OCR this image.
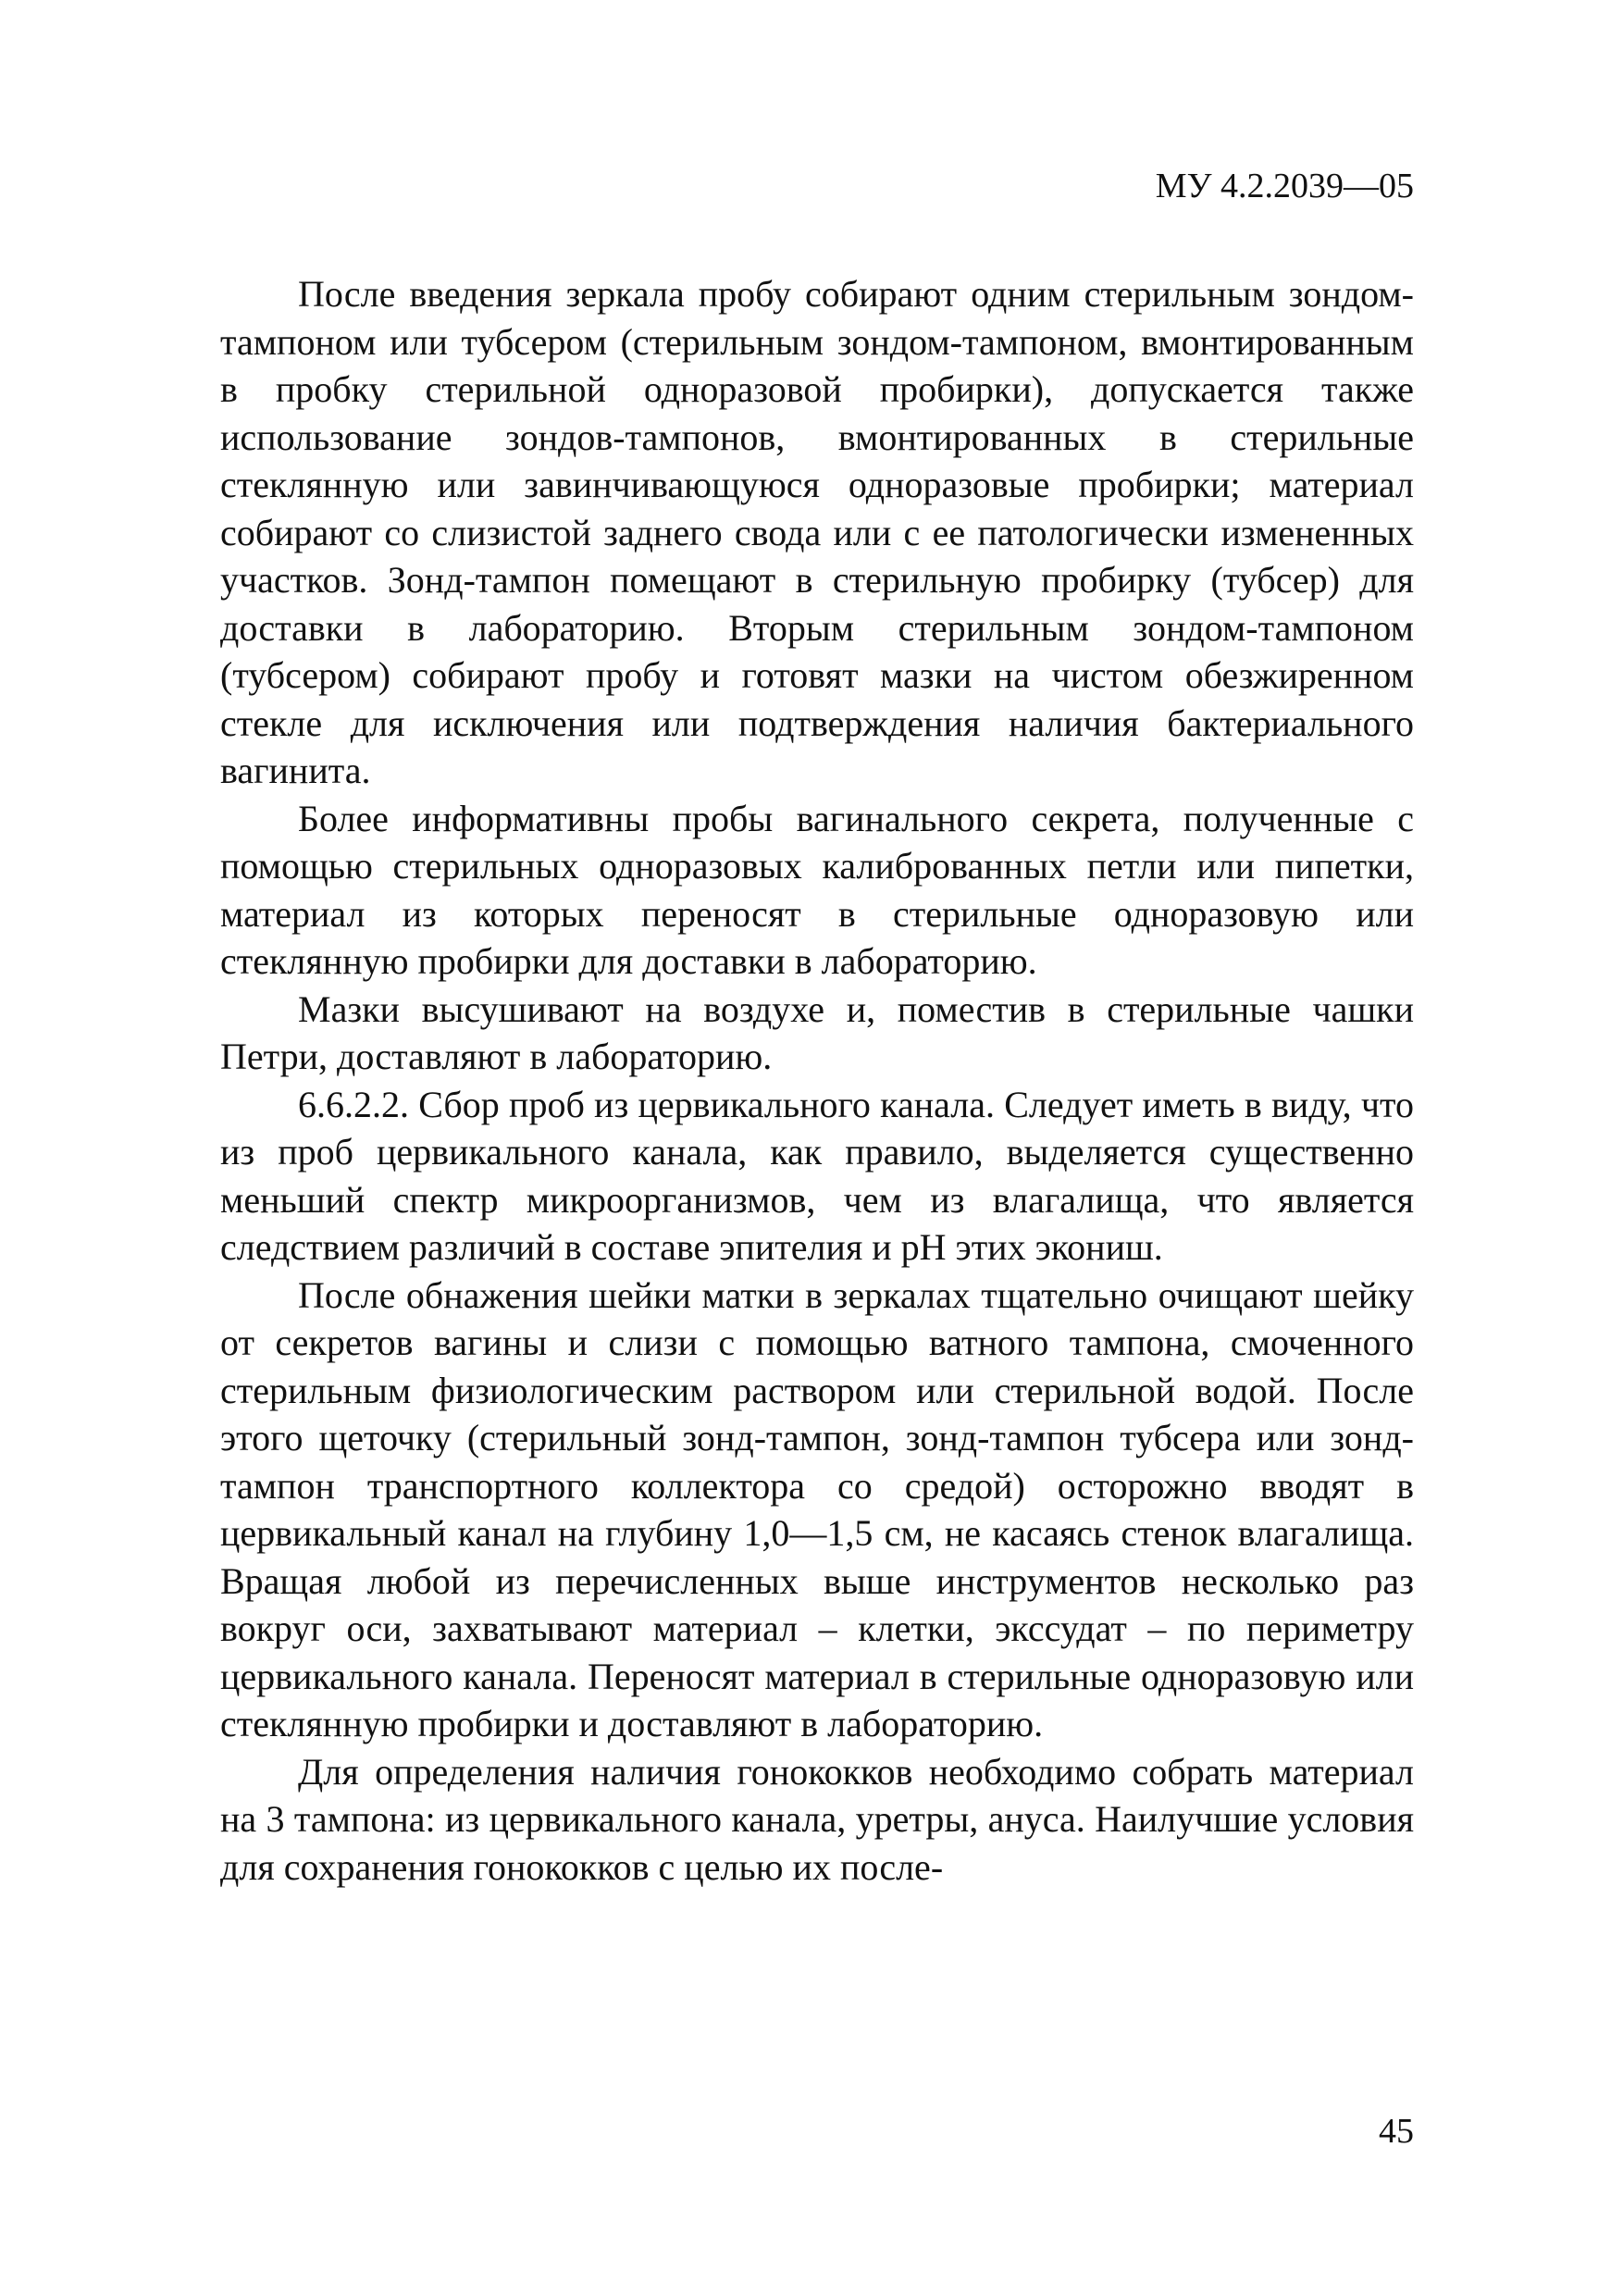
МУ 4.2.2039—05

После введения зеркала пробу собирают одним стерильным зондом-тампоном или тубсером (стерильным зондом-тампоном, вмонтированным в пробку стерильной одноразовой пробирки), допускается также использование зондов-тампонов, вмонтированных в стерильные стеклянную или завинчивающуюся одноразовые пробирки; материал собирают со слизистой заднего свода или с ее патологически измененных участков. Зонд-тампон помещают в стерильную пробирку (тубсер) для доставки в лабораторию. Вторым стерильным зондом-тампоном (тубсером) собирают пробу и готовят мазки на чистом обезжиренном стекле для исключения или подтверждения наличия бактериального вагинита.

Более информативны пробы вагинального секрета, полученные с помощью стерильных одноразовых калиброванных петли или пипетки, материал из которых переносят в стерильные одноразовую или стеклянную пробирки для доставки в лабораторию.

Мазки высушивают на воздухе и, поместив в стерильные чашки Петри, доставляют в лабораторию.

6.6.2.2. Сбор проб из цервикального канала. Следует иметь в виду, что из проб цервикального канала, как правило, выделяется существенно меньший спектр микроорганизмов, чем из влагалища, что является следствием различий в составе эпителия и pH этих экониш.

После обнажения шейки матки в зеркалах тщательно очищают шейку от секретов вагины и слизи с помощью ватного тампона, смоченного стерильным физиологическим раствором или стерильной водой. После этого щеточку (стерильный зонд-тампон, зонд-тампон тубсера или зонд-тампон транспортного коллектора со средой) осторожно вводят в цервикальный канал на глубину 1,0—1,5 см, не касаясь стенок влагалища. Вращая любой из перечисленных выше инструментов несколько раз вокруг оси, захватывают материал – клетки, экссудат – по периметру цервикального канала. Переносят материал в стерильные одноразовую или стеклянную пробирки и доставляют в лабораторию.

Для определения наличия гонококков необходимо собрать материал на 3 тампона: из цервикального канала, уретры, ануса. Наилучшие условия для сохранения гонококков с целью их после-

45
